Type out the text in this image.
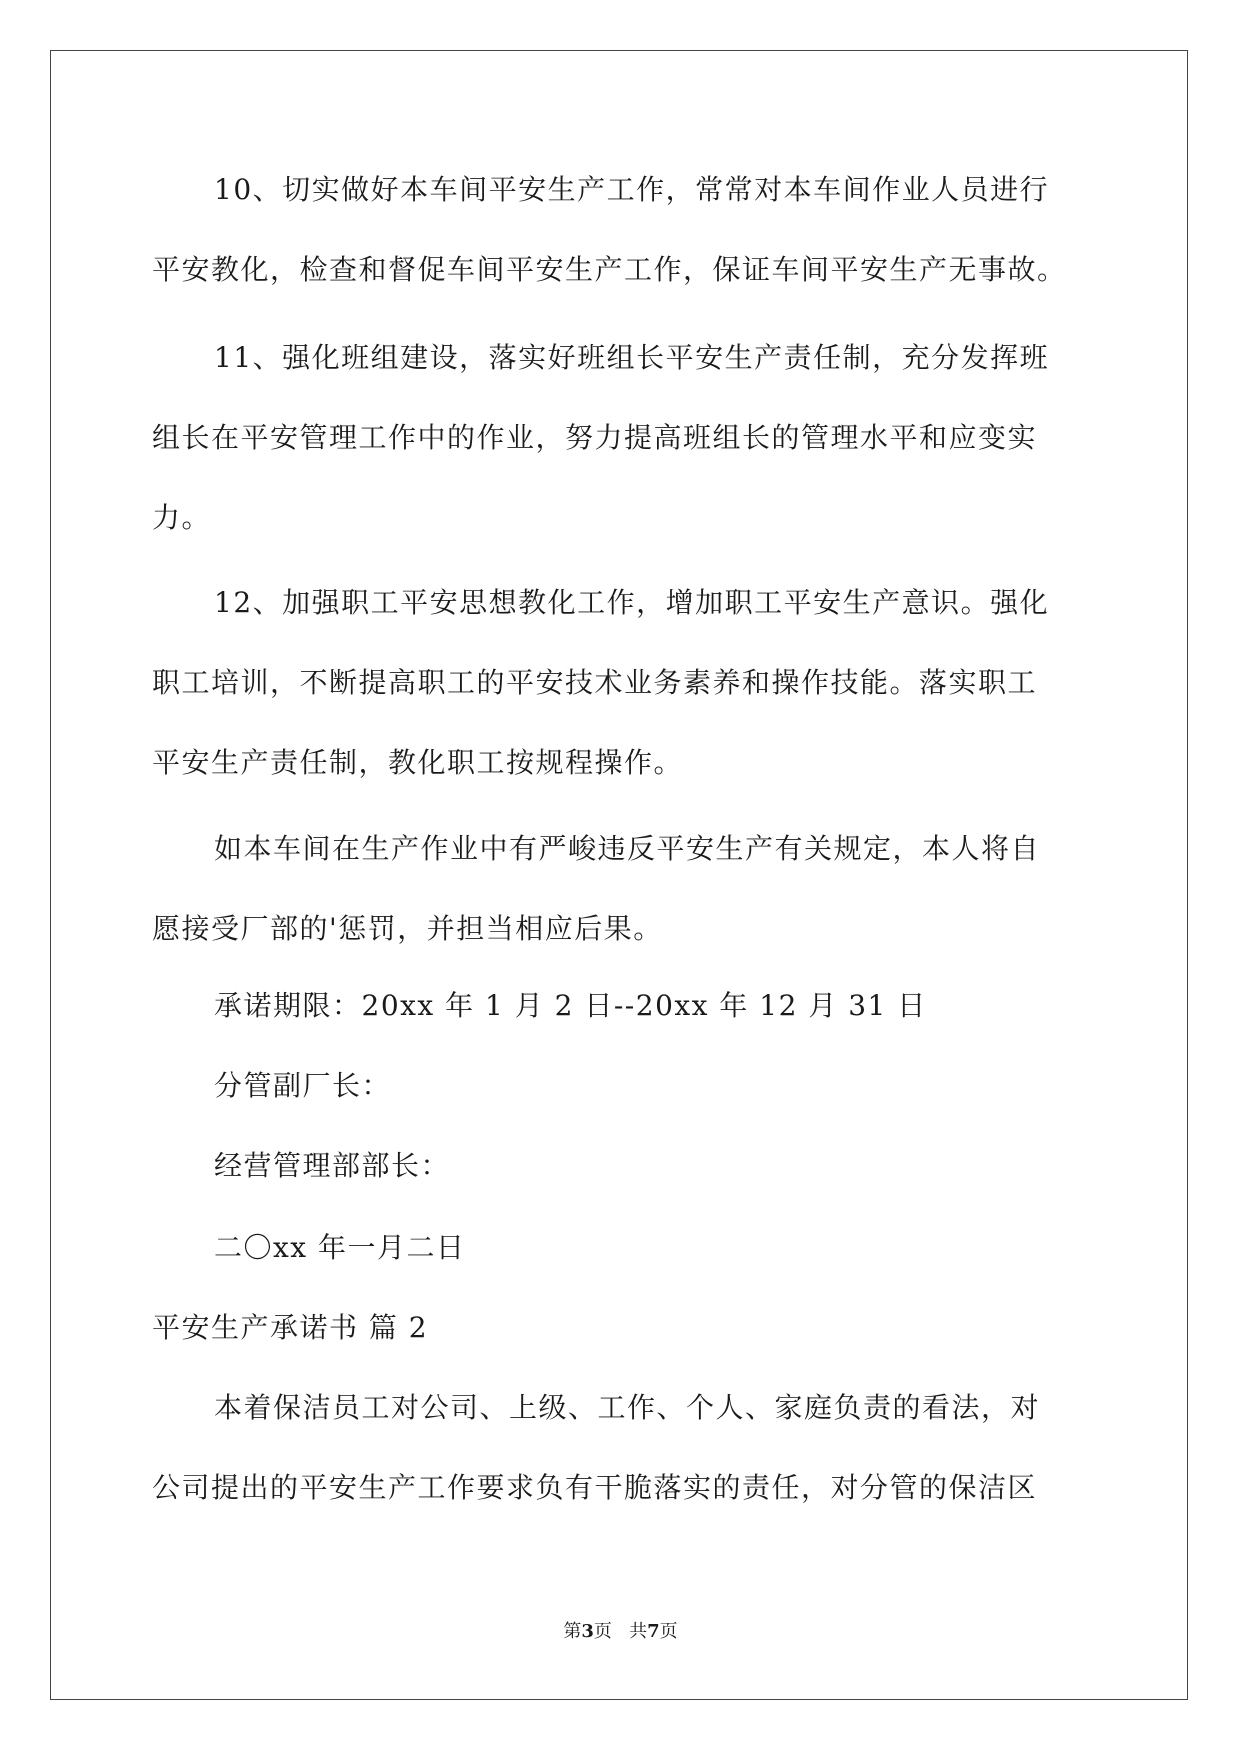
10、切实做好本车间平安生产工作，常常对本车间作业人员进行
平安教化，检查和督促车间平安生产工作，保证车间平安生产无事故。
11、强化班组建设，落实好班组长平安生产责任制，充分发挥班
组长在平安管理工作中的作业，努力提高班组长的管理水平和应变实
力。
12、加强职工平安思想教化工作，增加职工平安生产意识。强化
职工培训，不断提高职工的平安技术业务素养和操作技能。落实职工
平安生产责任制，教化职工按规程操作。
如本车间在生产作业中有严峻违反平安生产有关规定，本人将自
愿接受厂部的'惩罚，并担当相应后果。
承诺期限：20xx 年 1 月 2 日--20xx 年 12 月 31 日
分管副厂长：
经营管理部部长：
二〇xx 年一月二日
平安生产承诺书 篇 2
本着保洁员工对公司、上级、工作、个人、家庭负责的看法，对
公司提出的平安生产工作要求负有干脆落实的责任，对分管的保洁区
第3页 共7页
